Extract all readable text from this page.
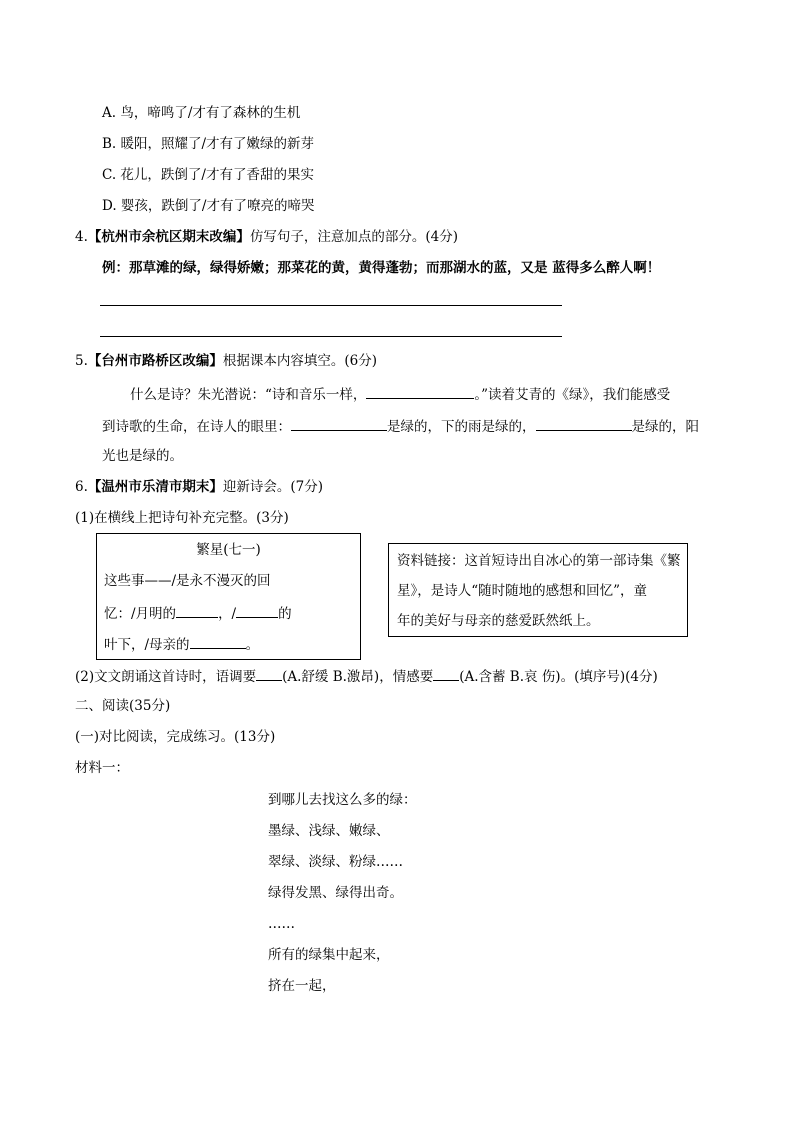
A. 鸟，啼鸣了/才有了森林的生机
B. 暖阳，照耀了/才有了嫩绿的新芽
C. 花儿，跌倒了/才有了香甜的果实
D. 婴孩，跌倒了/才有了嘹亮的啼哭
4.【杭州市余杭区期末改编】仿写句子，注意加点的部分。(4分)
例：那草滩的绿，绿得娇嫩；那菜花的黄，黄得蓬勃；而那湖水的蓝，又是 蓝得多么醉人啊！
5.【台州市路桥区改编】根据课本内容填空。(6分)
什么是诗？朱光潜说：“诗和音乐一样，	。”读着艾青的《绿》，我们能感受
到诗歌的生命，在诗人的眼里：	是绿的，下的雨是绿的，	是绿的，阳
光也是绿的。
6.【温州市乐清市期末】迎新诗会。(7分)
(1)在横线上把诗句补充完整。(3分)
繁星(七一)
这些事——/是永不漫灭的回
忆：/月明的	，/	的
叶下，/母亲的	。
资料链接：这首短诗出自冰心的第一部诗集《繁
星》，是诗人“随时随地的感想和回忆”，童
年的美好与母亲的慈爱跃然纸上。
(2)文文朗诵这首诗时，语调要 (A.舒缓 B.激昂)，情感要 (A.含蓄 B.哀 伤)。(填序号)(4分)
二、阅读(35分)
(一)对比阅读，完成练习。(13分)
材料一：
到哪儿去找这么多的绿：
墨绿、浅绿、嫩绿、
翠绿、淡绿、粉绿……
绿得发黑、绿得出奇。
……
所有的绿集中起来，
挤在一起，
